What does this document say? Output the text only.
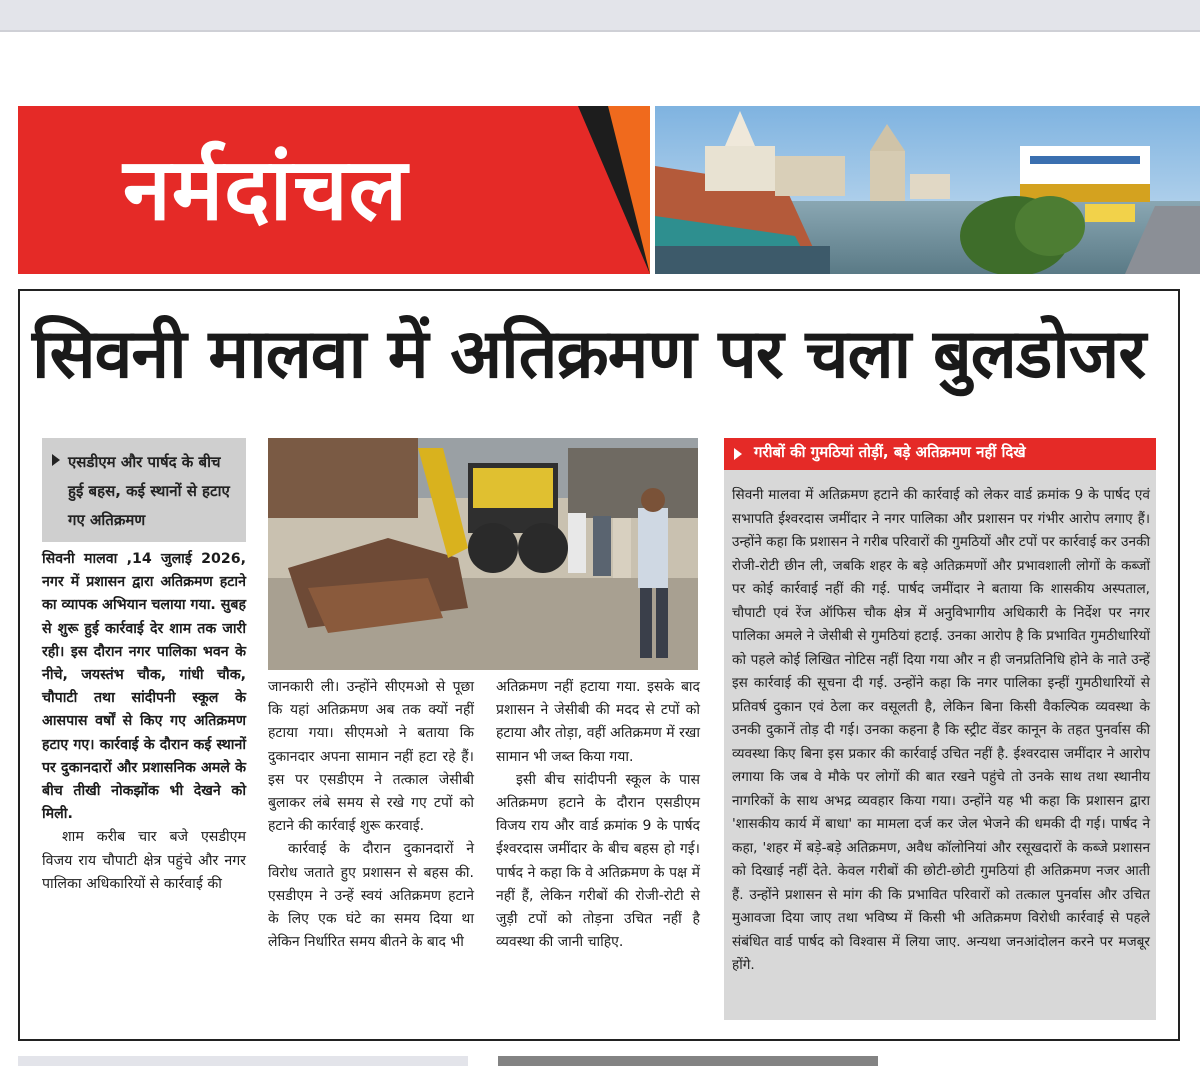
नर्मदांचल
सिवनी मालवा में अतिक्रमण पर चला बुलडोजर
एसडीएम और पार्षद के बीच हुई बहस, कई स्थानों से हटाए गए अतिक्रमण

सिवनी मालवा ,14 जुलाई 2026, नगर में प्रशासन द्वारा अतिक्रमण हटाने का व्यापक अभियान चलाया गया. सुबह से शुरू हुई कार्रवाई देर शाम तक जारी रही। इस दौरान नगर पालिका भवन के नीचे, जयस्तंभ चौक, गांधी चौक, चौपाटी तथा सांदीपनी स्कूल के आसपास वर्षों से किए गए अतिक्रमण हटाए गए। कार्रवाई के दौरान कई स्थानों पर दुकानदारों और प्रशासनिक अमले के बीच तीखी नोकझोंक भी देखने को मिली.

शाम करीब चार बजे एसडीएम विजय राय चौपाटी क्षेत्र पहुंचे और नगर पालिका अधिकारियों से कार्रवाई की

जानकारी ली। उन्होंने सीएमओ से पूछा कि यहां अतिक्रमण अब तक क्यों नहीं हटाया गया। सीएमओ ने बताया कि दुकानदार अपना सामान नहीं हटा रहे हैं। इस पर एसडीएम ने तत्काल जेसीबी बुलाकर लंबे समय से रखे गए टपों को हटाने की कार्रवाई शुरू करवाई.

कार्रवाई के दौरान दुकानदारों ने विरोध जताते हुए प्रशासन से बहस की. एसडीएम ने उन्हें स्वयं अतिक्रमण हटाने के लिए एक घंटे का समय दिया था लेकिन निर्धारित समय बीतने के बाद भी

अतिक्रमण नहीं हटाया गया. इसके बाद प्रशासन ने जेसीबी की मदद से टपों को हटाया और तोड़ा, वहीं अतिक्रमण में रखा सामान भी जब्त किया गया.

इसी बीच सांदीपनी स्कूल के पास अतिक्रमण हटाने के दौरान एसडीएम विजय राय और वार्ड क्रमांक 9 के पार्षद ईश्वरदास जमींदार के बीच बहस हो गई। पार्षद ने कहा कि वे अतिक्रमण के पक्ष में नहीं हैं, लेकिन गरीबों की रोजी-रोटी से जुड़ी टपों को तोड़ना उचित नहीं है व्यवस्था की जानी चाहिए.

गरीबों की गुमठियां तोड़ीं, बड़े अतिक्रमण नहीं दिखे

सिवनी मालवा में अतिक्रमण हटाने की कार्रवाई को लेकर वार्ड क्रमांक 9 के पार्षद एवं सभापति ईश्वरदास जमींदार ने नगर पालिका और प्रशासन पर गंभीर आरोप लगाए हैं। उन्होंने कहा कि प्रशासन ने गरीब परिवारों की गुमठियों और टपों पर कार्रवाई कर उनकी रोजी-रोटी छीन ली, जबकि शहर के बड़े अतिक्रमणों और प्रभावशाली लोगों के कब्जों पर कोई कार्रवाई नहीं की गई. पार्षद जमींदार ने बताया कि शासकीय अस्पताल, चौपाटी एवं रेंज ऑफिस चौक क्षेत्र में अनुविभागीय अधिकारी के निर्देश पर नगर पालिका अमले ने जेसीबी से गुमठियां हटाई. उनका आरोप है कि प्रभावित गुमठीधारियों को पहले कोई लिखित नोटिस नहीं दिया गया और न ही जनप्रतिनिधि होने के नाते उन्हें इस कार्रवाई की सूचना दी गई. उन्होंने कहा कि नगर पालिका इन्हीं गुमठीधारियों से प्रतिवर्ष दुकान एवं ठेला कर वसूलती है, लेकिन बिना किसी वैकल्पिक व्यवस्था के उनकी दुकानें तोड़ दी गई। उनका कहना है कि स्ट्रीट वेंडर कानून के तहत पुनर्वास की व्यवस्था किए बिना इस प्रकार की कार्रवाई उचित नहीं है. ईश्वरदास जमींदार ने आरोप लगाया कि जब वे मौके पर लोगों की बात रखने पहुंचे तो उनके साथ तथा स्थानीय नागरिकों के साथ अभद्र व्यवहार किया गया। उन्होंने यह भी कहा कि प्रशासन द्वारा 'शासकीय कार्य में बाधा' का मामला दर्ज कर जेल भेजने की धमकी दी गई। पार्षद ने कहा, 'शहर में बड़े-बड़े अतिक्रमण, अवैध कॉलोनियां और रसूखदारों के कब्जे प्रशासन को दिखाई नहीं देते. केवल गरीबों की छोटी-छोटी गुमठियां ही अतिक्रमण नजर आती हैं. उन्होंने प्रशासन से मांग की कि प्रभावित परिवारों को तत्काल पुनर्वास और उचित मुआवजा दिया जाए तथा भविष्य में किसी भी अतिक्रमण विरोधी कार्रवाई से पहले संबंधित वार्ड पार्षद को विश्वास में लिया जाए. अन्यथा जनआंदोलन करने पर मजबूर होंगे.
